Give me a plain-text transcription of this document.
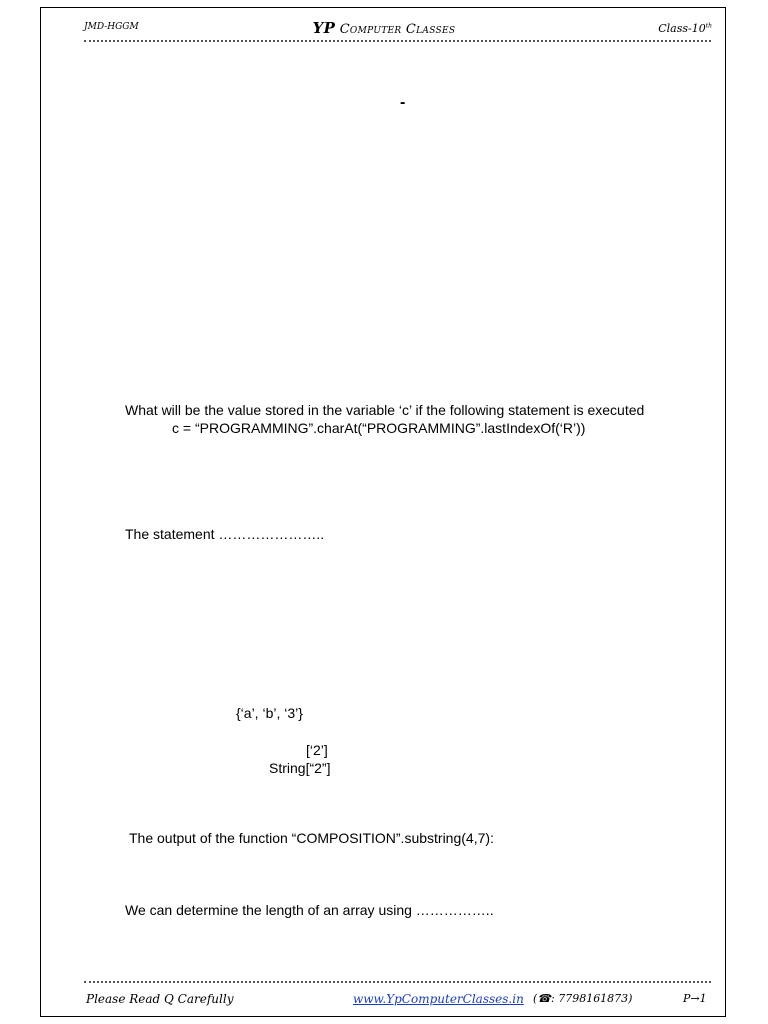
JMD-HGGM	YP Computer Classes	Class-10th
-
What will be the value stored in the variable ‘c’ if the following statement is executed
c = “PROGRAMMING”.charAt(“PROGRAMMING”.lastIndexOf(‘R’))
The statement …………………..
{‘a’, ‘b’, ‘3’}
[‘2’]
String[“2”]
The output of the function “COMPOSITION”.substring(4,7):
We can determine the length of an array using ……………..
Please Read Q Carefully	www.YpComputerClasses.in (☎: 7798161873)	P→1
